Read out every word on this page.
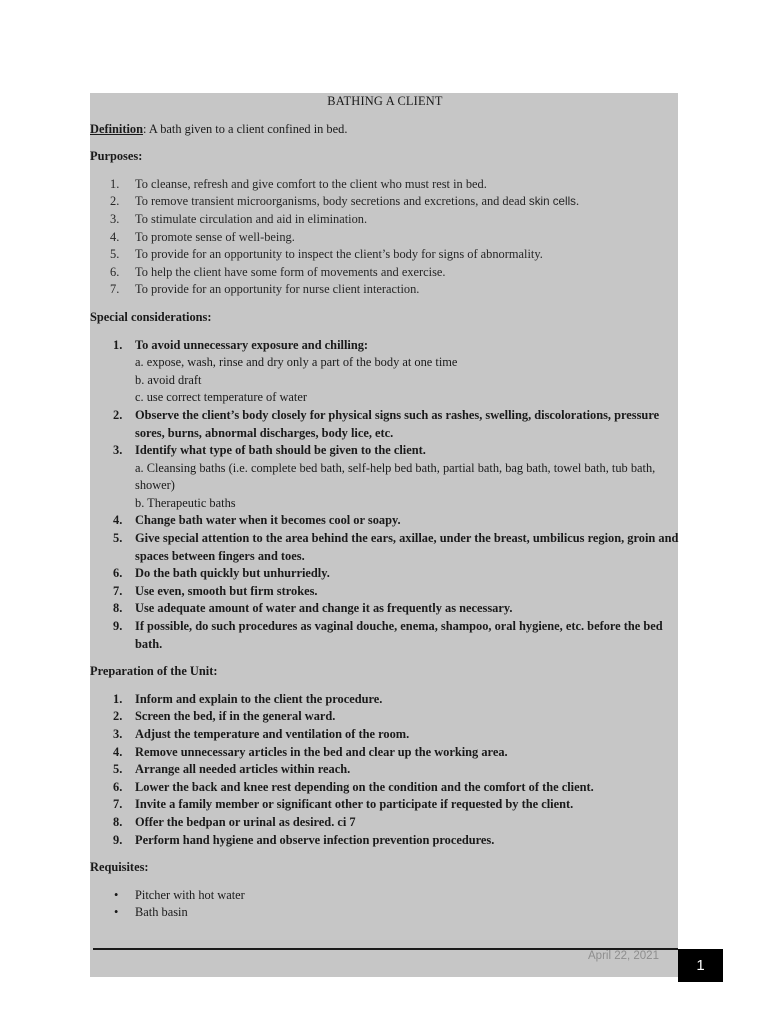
BATHING A CLIENT

Definition: A bath given to a client confined in bed.

Purposes:
1.	To cleanse, refresh and give comfort to the client who must rest in bed.
2.	To remove transient microorganisms, body secretions and excretions, and dead skin cells.
3.	To stimulate circulation and aid in elimination.
4.	To promote sense of well-being.
5.	To provide for an opportunity to inspect the client’s body for signs of abnormality.
6.	To help the client have some form of movements and exercise.
7.	To provide for an opportunity for nurse client interaction.
Special considerations:
1.	To avoid unnecessary exposure and chilling:
a. expose, wash, rinse and dry only a part of the body at one time
b. avoid draft
c. use correct temperature of water
2.	Observe the client’s body closely for physical signs such as rashes, swelling, discolorations, pressure sores, burns, abnormal discharges, body lice, etc.
3.	Identify what type of bath should be given to the client.
a. Cleansing baths (i.e. complete bed bath, self-help bed bath, partial bath, bag bath, towel bath, tub bath, shower)
b. Therapeutic baths
4.	Change bath water when it becomes cool or soapy.
5.	Give special attention to the area behind the ears, axillae, under the breast, umbilicus region, groin and spaces between fingers and toes.
6.	Do the bath quickly but unhurriedly.
7.	Use even, smooth but firm strokes.
8.	Use adequate amount of water and change it as frequently as necessary.
9.	If possible, do such procedures as vaginal douche, enema, shampoo, oral hygiene, etc. before the bed bath.
Preparation of the Unit:
1.	Inform and explain to the client the procedure.
2.	Screen the bed, if in the general ward.
3.	Adjust the temperature and ventilation of the room.
4.	Remove unnecessary articles in the bed and clear up the working area.
5.	Arrange all needed articles within reach.
6.	Lower the back and knee rest depending on the condition and the comfort of the client.
7.	Invite a family member or significant other to participate if requested by the client.
8.	Offer the bedpan or urinal as desired. ci 7
9.	Perform hand hygiene and observe infection prevention procedures.
Requisites:
•	Pitcher with hot water
•	Bath basin
April 22, 2021
1
